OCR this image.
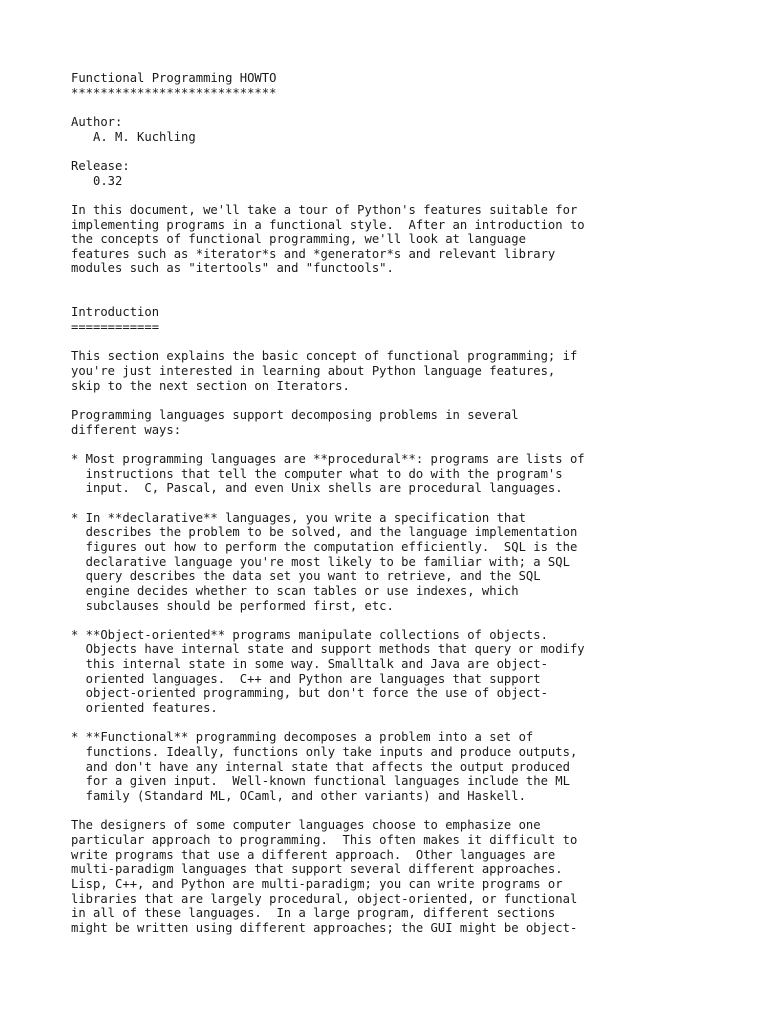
Functional Programming HOWTO
****************************
Author:
A. M. Kuchling
Release:
0.32
In this document, we'll take a tour of Python's features suitable for
implementing programs in a functional style.  After an introduction to
the concepts of functional programming, we'll look at language
features such as *iterator*s and *generator*s and relevant library
modules such as "itertools" and "functools".
Introduction
============
This section explains the basic concept of functional programming; if
you're just interested in learning about Python language features,
skip to the next section on Iterators.
Programming languages support decomposing problems in several
different ways:
* Most programming languages are **procedural**: programs are lists of
instructions that tell the computer what to do with the program's
input.  C, Pascal, and even Unix shells are procedural languages.
* In **declarative** languages, you write a specification that
describes the problem to be solved, and the language implementation
figures out how to perform the computation efficiently.  SQL is the
declarative language you're most likely to be familiar with; a SQL
query describes the data set you want to retrieve, and the SQL
engine decides whether to scan tables or use indexes, which
subclauses should be performed first, etc.
* **Object-oriented** programs manipulate collections of objects.
Objects have internal state and support methods that query or modify
this internal state in some way. Smalltalk and Java are object-
oriented languages.  C++ and Python are languages that support
object-oriented programming, but don't force the use of object-
oriented features.
* **Functional** programming decomposes a problem into a set of
functions. Ideally, functions only take inputs and produce outputs,
and don't have any internal state that affects the output produced
for a given input.  Well-known functional languages include the ML
family (Standard ML, OCaml, and other variants) and Haskell.
The designers of some computer languages choose to emphasize one
particular approach to programming.  This often makes it difficult to
write programs that use a different approach.  Other languages are
multi-paradigm languages that support several different approaches.
Lisp, C++, and Python are multi-paradigm; you can write programs or
libraries that are largely procedural, object-oriented, or functional
in all of these languages.  In a large program, different sections
might be written using different approaches; the GUI might be object-
